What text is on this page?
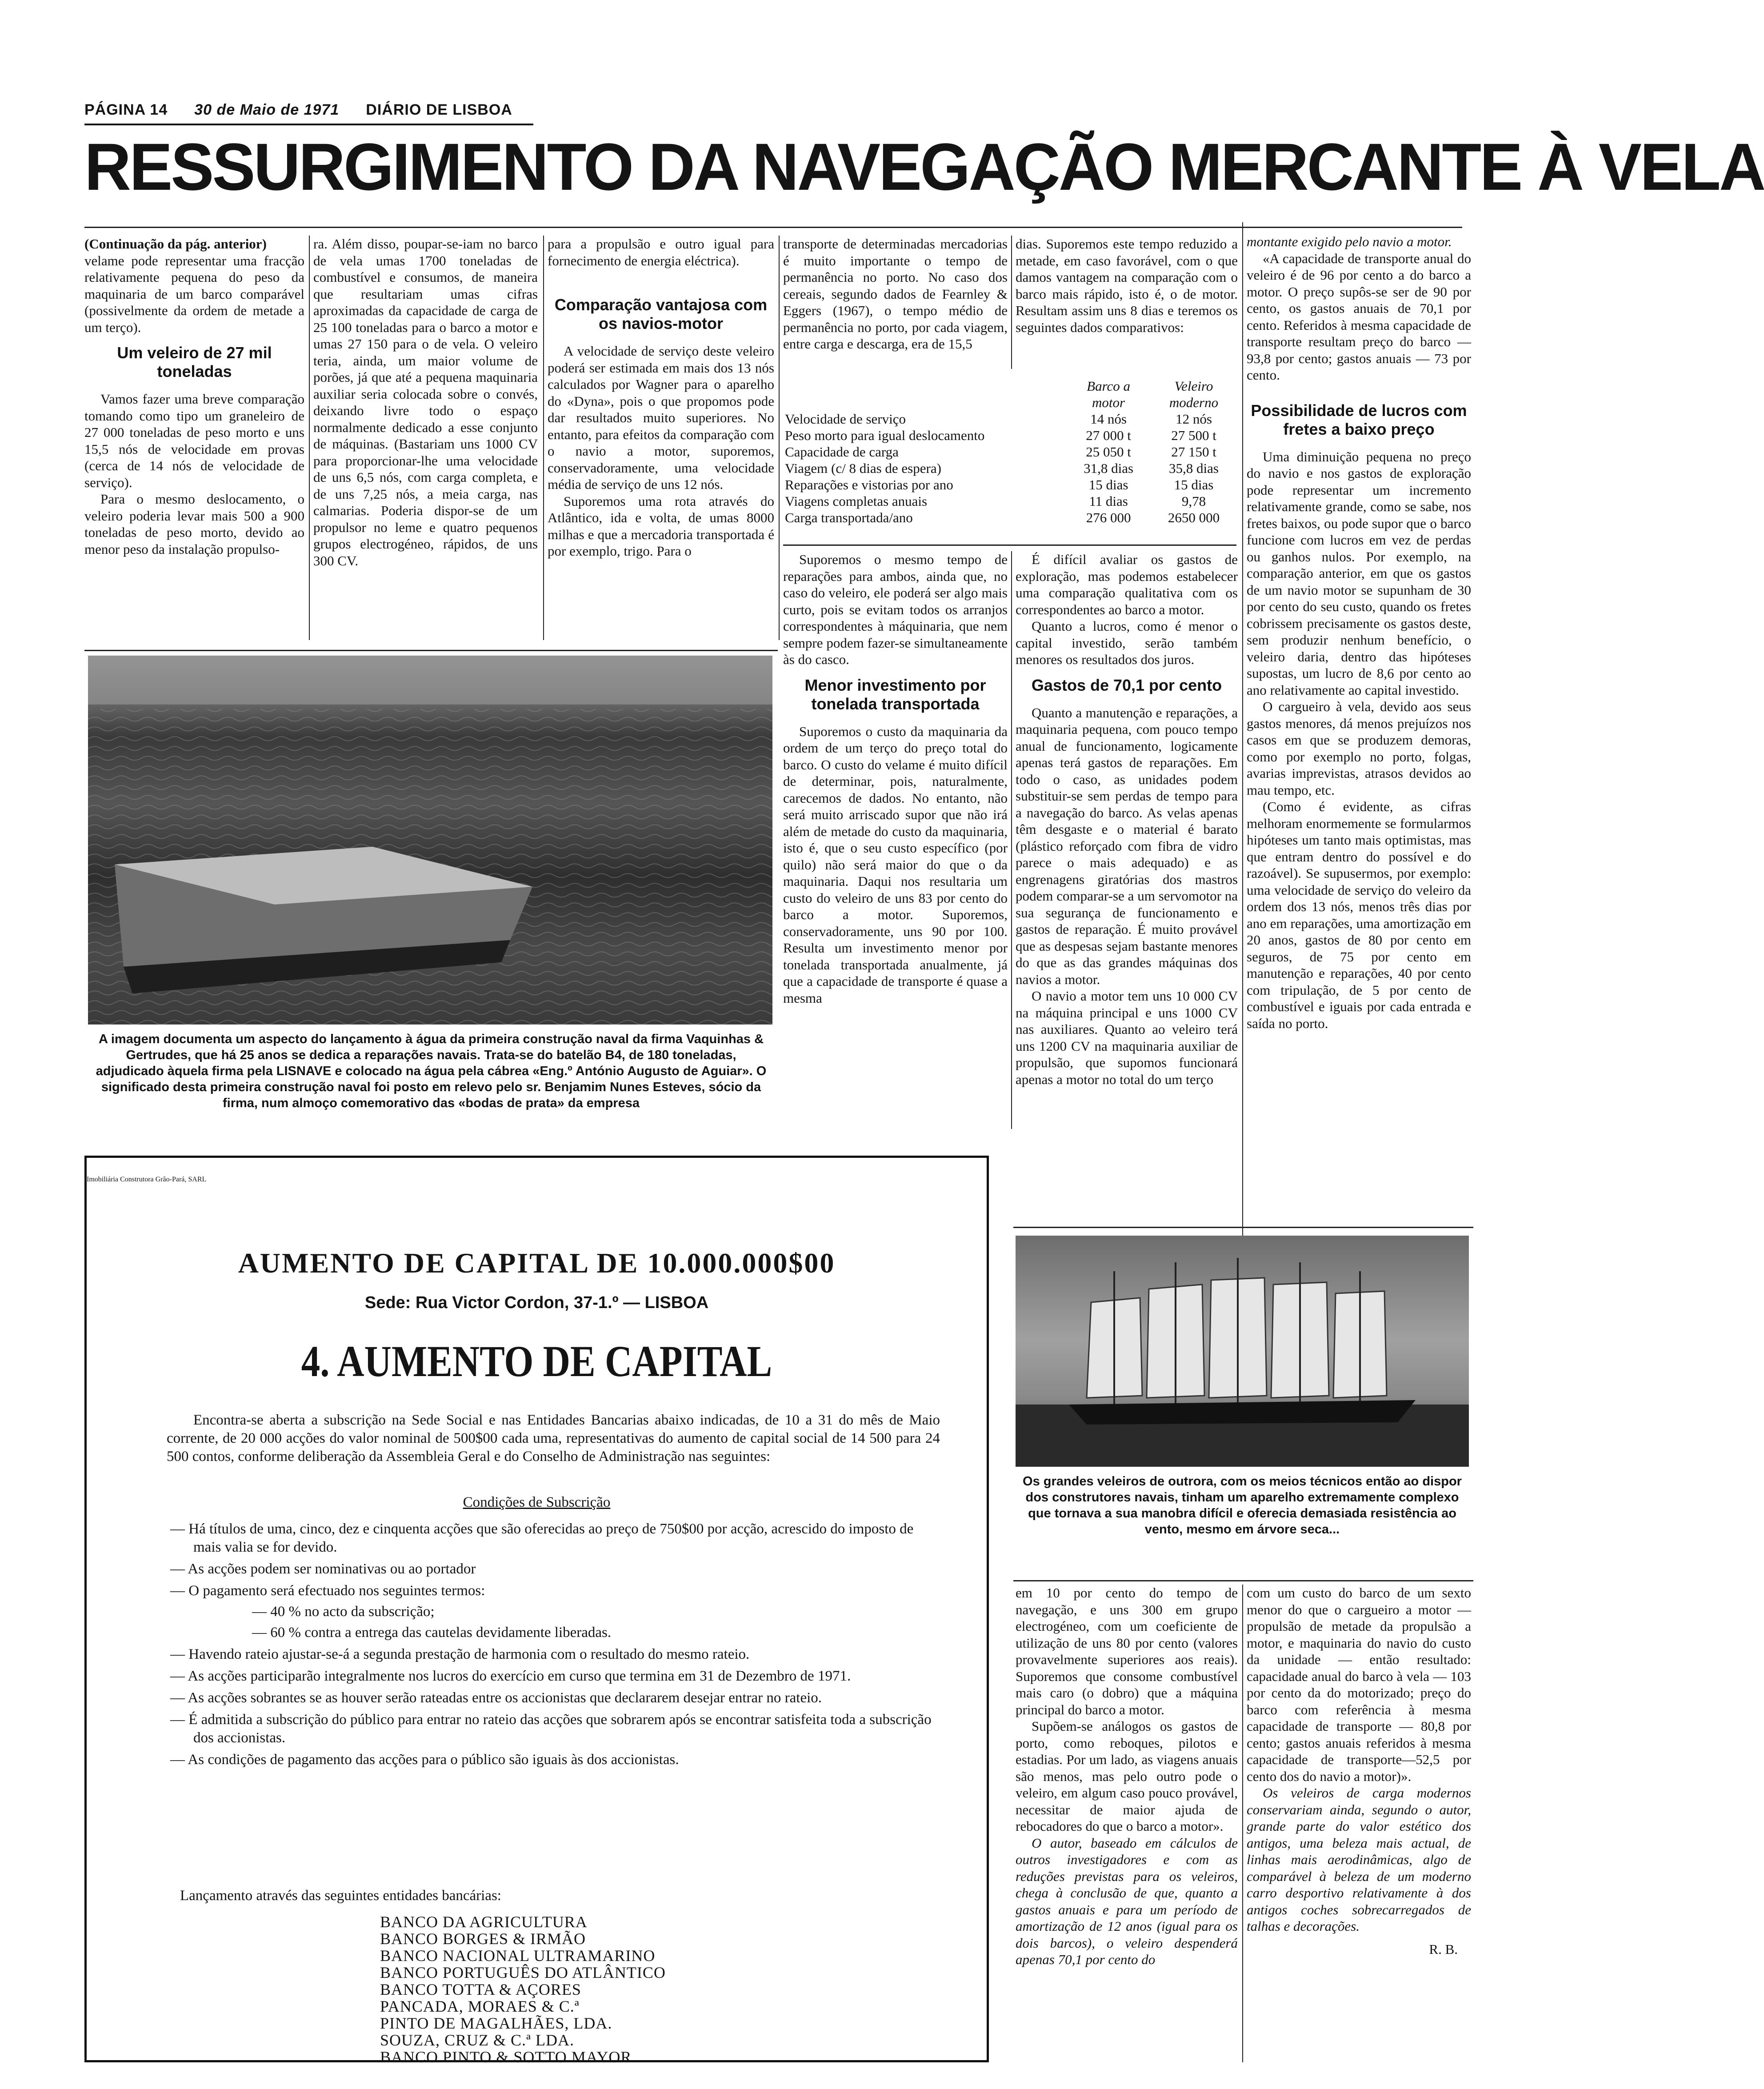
PÁGINA 14 30 de Maio de 1971 DIÁRIO DE LISBOA
RESSURGIMENTO DA NAVEGAÇÃO MERCANTE À VELA

(Continuação da pág. anterior)

velame pode representar uma fracção relativamente pequena do peso da maquinaria de um barco comparável (possivelmente da ordem de metade a um terço).

Um veleiro de 27 mil toneladas

Vamos fazer uma breve comparação tomando como tipo um graneleiro de 27 000 toneladas de peso morto e uns 15,5 nós de velocidade em provas (cerca de 14 nós de velocidade de serviço).

Para o mesmo deslocamento, o veleiro poderia levar mais 500 a 900 toneladas de peso morto, devido ao menor peso da instalação propulso-

ra. Além disso, poupar-se-iam no barco de vela umas 1700 toneladas de combustível e consumos, de maneira que resultariam umas cifras aproximadas da capacidade de carga de 25 100 toneladas para o barco a motor e umas 27 150 para o de vela. O veleiro teria, ainda, um maior volume de porões, já que até a pequena maquinaria auxiliar seria colocada sobre o convés, deixando livre todo o espaço normalmente dedicado a esse conjunto de máquinas. (Bastariam uns 1000 CV para proporcionar-lhe uma velocidade de uns 6,5 nós, com carga completa, e de uns 7,25 nós, a meia carga, nas calmarias. Poderia dispor-se de um propulsor no leme e quatro pequenos grupos electrogéneo, rápidos, de uns 300 CV.

para a propulsão e outro igual para fornecimento de energia eléctrica).

Comparação vantajosa com os navios-motor

A velocidade de serviço deste veleiro poderá ser estimada em mais dos 13 nós calculados por Wagner para o aparelho do «Dyna», pois o que propomos pode dar resultados muito superiores. No entanto, para efeitos da comparação com o navio a motor, suporemos, conservadoramente, uma velocidade média de serviço de uns 12 nós.

Suporemos uma rota através do Atlântico, ida e volta, de umas 8000 milhas e que a mercadoria transportada é por exemplo, trigo. Para o

transporte de determinadas mercadorias é muito importante o tempo de permanência no porto. No caso dos cereais, segundo dados de Fearnley & Eggers (1967), o tempo médio de permanência no porto, por cada viagem, entre carga e descarga, era de 15,5

dias. Suporemos este tempo reduzido a metade, em caso favorável, com o que damos vantagem na comparação com o barco mais rápido, isto é, o de motor. Resultam assim uns 8 dias e teremos os seguintes dados comparativos:

	Barco a motor	Veleiro moderno
Velocidade de serviço	14 nós	12 nós
Peso morto para igual deslocamento	27 000 t	27 500 t
Capacidade de carga	25 050 t	27 150 t
Viagem (c/ 8 dias de espera)	31,8 dias	35,8 dias
Reparações e vistorias por ano	15 dias	15 dias
Viagens completas anuais	11 dias	9,78
Carga transportada/ano	276 000	2650 000

montante exigido pelo navio a motor.

«A capacidade de transporte anual do veleiro é de 96 por cento a do barco a motor. O preço supôs-se ser de 90 por cento, os gastos anuais de 70,1 por cento. Referidos à mesma capacidade de transporte resultam preço do barco — 93,8 por cento; gastos anuais — 73 por cento.

Possibilidade de lucros com fretes a baixo preço

Uma diminuição pequena no preço do navio e nos gastos de exploração pode representar um incremento relativamente grande, como se sabe, nos fretes baixos, ou pode supor que o barco funcione com lucros em vez de perdas ou ganhos nulos. Por exemplo, na comparação anterior, em que os gastos de um navio motor se supunham de 30 por cento do seu custo, quando os fretes cobrissem precisamente os gastos deste, sem produzir nenhum benefício, o veleiro daria, dentro das hipóteses supostas, um lucro de 8,6 por cento ao ano relativamente ao capital investido.

O cargueiro à vela, devido aos seus gastos menores, dá menos prejuízos nos casos em que se produzem demoras, como por exemplo no porto, folgas, avarias imprevistas, atrasos devidos ao mau tempo, etc.

(Como é evidente, as cifras melhoram enormemente se formularmos hipóteses um tanto mais optimistas, mas que entram dentro do possível e do razoável). Se supusermos, por exemplo: uma velocidade de serviço do veleiro da ordem dos 13 nós, menos três dias por ano em reparações, uma amortização em 20 anos, gastos de 80 por cento em seguros, de 75 por cento em manutenção e reparações, 40 por cento com tripulação, de 5 por cento de combustível e iguais por cada entrada e saída no porto.

Suporemos o mesmo tempo de reparações para ambos, ainda que, no caso do veleiro, ele poderá ser algo mais curto, pois se evitam todos os arranjos correspondentes à máquinaria, que nem sempre podem fazer-se simultaneamente às do casco.

Menor investimento por tonelada transportada

Suporemos o custo da maquinaria da ordem de um terço do preço total do barco. O custo do velame é muito difícil de determinar, pois, naturalmente, carecemos de dados. No entanto, não será muito arriscado supor que não irá além de metade do custo da maquinaria, isto é, que o seu custo específico (por quilo) não será maior do que o da maquinaria. Daqui nos resultaria um custo do veleiro de uns 83 por cento do barco a motor. Suporemos, conservadoramente, uns 90 por 100. Resulta um investimento menor por tonelada transportada anualmente, já que a capacidade de transporte é quase a mesma

É difícil avaliar os gastos de exploração, mas podemos estabelecer uma comparação qualitativa com os correspondentes ao barco a motor.

Quanto a lucros, como é menor o capital investido, serão também menores os resultados dos juros.

Gastos de 70,1 por cento

Quanto a manutenção e reparações, a maquinaria pequena, com pouco tempo anual de funcionamento, logicamente apenas terá gastos de reparações. Em todo o caso, as unidades podem substituir-se sem perdas de tempo para a navegação do barco. As velas apenas têm desgaste e o material é barato (plástico reforçado com fibra de vidro parece o mais adequado) e as engrenagens giratórias dos mastros podem comparar-se a um servomotor na sua segurança de funcionamento e gastos de reparação. É muito provável que as despesas sejam bastante menores do que as das grandes máquinas dos navios a motor.

O navio a motor tem uns 10 000 CV na máquina principal e uns 1000 CV nas auxiliares. Quanto ao veleiro terá uns 1200 CV na maquinaria auxiliar de propulsão, que supomos funcionará apenas a motor no total do um terço

A imagem documenta um aspecto do lançamento à água da primeira construção naval da firma Vaquinhas & Gertrudes, que há 25 anos se dedica a reparações navais. Trata-se do batelão B4, de 180 toneladas, adjudicado àquela firma pela LISNAVE e colocado na água pela cábrea «Eng.º António Augusto de Aguiar». O significado desta primeira construção naval foi posto em relevo pelo sr. Benjamim Nunes Esteves, sócio da firma, num almoço comemorativo das «bodas de prata» da empresa
Os grandes veleiros de outrora, com os meios técnicos então ao dispor dos construtores navais, tinham um aparelho extremamente complexo que tornava a sua manobra difícil e oferecia demasiada resistência ao vento, mesmo em árvore seca...

em 10 por cento do tempo de navegação, e uns 300 em grupo electrogéneo, com um coeficiente de utilização de uns 80 por cento (valores provavelmente superiores aos reais). Suporemos que consome combustível mais caro (o dobro) que a máquina principal do barco a motor.

Supõem-se análogos os gastos de porto, como reboques, pilotos e estadias. Por um lado, as viagens anuais são menos, mas pelo outro pode o veleiro, em algum caso pouco provável, necessitar de maior ajuda de rebocadores do que o barco a motor».

O autor, baseado em cálculos de outros investigadores e com as reduções previstas para os veleiros, chega à conclusão de que, quanto a gastos anuais e para um período de amortização de 12 anos (igual para os dois barcos), o veleiro despenderá apenas 70,1 por cento do

com um custo do barco de um sexto menor do que o cargueiro a motor — propulsão de metade da propulsão a motor, e maquinaria do navio do custo da unidade — então resultado: capacidade anual do barco à vela — 103 por cento da do motorizado; preço do barco com referência à mesma capacidade de transporte — 80,8 por cento; gastos anuais referidos à mesma capacidade de transporte—52,5 por cento dos do navio a motor)».

Os veleiros de carga modernos conservariam ainda, segundo o autor, grande parte do valor estético dos antigos, uma beleza mais actual, de linhas mais aerodinâmicas, algo de comparável à beleza de um moderno carro desportivo relativamente à dos antigos coches sobrecarregados de talhas e decorações.

R. B.

Imobiliária Construtora Grão-Pará, SARL
AUMENTO DE CAPITAL DE 10.000.000$00
Sede: Rua Victor Cordon, 37-1.º — LISBOA
4. AUMENTO DE CAPITAL
Encontra-se aberta a subscrição na Sede Social e nas Entidades Bancarias abaixo indicadas, de 10 a 31 do mês de Maio corrente, de 20 000 acções do valor nominal de 500$00 cada uma, representativas do aumento de capital social de 14 500 para 24 500 contos, conforme deliberação da Assembleia Geral e do Conselho de Administração nas seguintes:
Condições de Subscrição
— Há títulos de uma, cinco, dez e cinquenta acções que são oferecidas ao preço de 750$00 por acção, acrescido do imposto de mais valia se for devido.
— As acções podem ser nominativas ou ao portador
— O pagamento será efectuado nos seguintes termos:
— 40 % no acto da subscrição;
— 60 % contra a entrega das cautelas devidamente liberadas.
— Havendo rateio ajustar-se-á a segunda prestação de harmonia com o resultado do mesmo rateio.
— As acções participarão integralmente nos lucros do exercício em curso que termina em 31 de Dezembro de 1971.
— As acções sobrantes se as houver serão rateadas entre os accionistas que declararem desejar entrar no rateio.
— É admitida a subscrição do público para entrar no rateio das acções que sobrarem após se encontrar satisfeita toda a subscrição dos accionistas.
— As condições de pagamento das acções para o público são iguais às dos accionistas.
Lançamento através das seguintes entidades bancárias:
BANCO DA AGRICULTURA
BANCO BORGES & IRMÃO
BANCO NACIONAL ULTRAMARINO
BANCO PORTUGUÊS DO ATLÂNTICO
BANCO TOTTA & AÇORES
PANCADA, MORAES & C.ª
PINTO DE MAGALHÃES, LDA.
SOUZA, CRUZ & C.ª LDA.
BANCO PINTO & SOTTO MAYOR
